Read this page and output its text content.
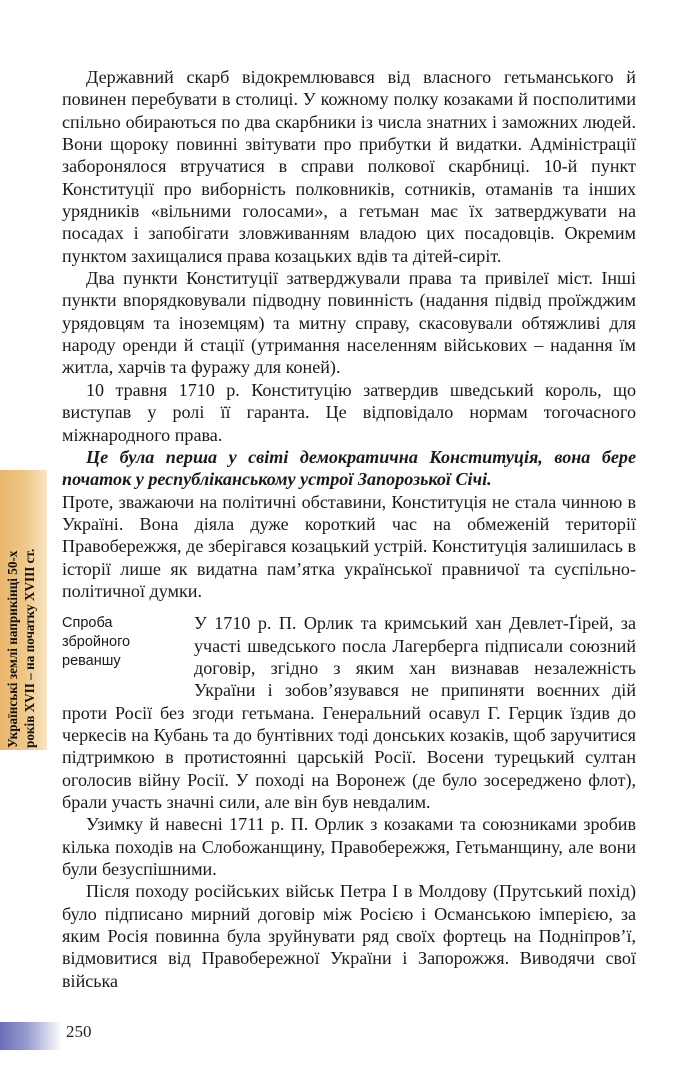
Українські землі наприкінці 50-х років XVII – на початку XVIII ст.

Державний скарб відокремлювався від власного гетьманського й повинен перебувати в столиці. У кожному полку козаками й посполитими спільно обираються по два скарбники із числа знатних і заможних людей. Вони щороку повинні звітувати про прибутки й видатки. Адміністрації заборонялося втручатися в справи полкової скарбниці. 10-й пункт Конституції про виборність полковників, сотників, отаманів та інших урядників «вільними голосами», а гетьман має їх затверджувати на посадах і запобігати зловживанням владою цих посадовців. Окремим пунктом захищалися права козацьких вдів та дітей-сиріт.

Два пункти Конституції затверджували права та привілеї міст. Інші пункти впорядковували підводну повинність (надання підвід проїжджим урядовцям та іноземцям) та митну справу, скасовували обтяжливі для народу оренди й стації (утримання населенням військових – надання їм житла, харчів та фуражу для коней).

10 травня 1710 р. Конституцію затвердив шведський король, що виступав у ролі її гаранта. Це відповідало нормам тогочасного міжнародного права.

Це була перша у світі демократична Конституція, вона бере початок у республіканському устрої Запорозької Січі.

Проте, зважаючи на політичні обставини, Конституція не стала чинною в Україні. Вона діяла дуже короткий час на обмеженій території Правобережжя, де зберігався козацький устрій. Конституція залишилась в історії лише як видатна пам’ятка української правничої та суспільно-політичної думки.

Спроба
збройного
реваншу

У 1710 р. П. Орлик та кримський хан Девлет-Ґірей, за участі шведського посла Лагерберга підписали союзний договір, згідно з яким хан визнавав незалежність України і зобов’язувався не припиняти воєнних дій проти Росії без згоди гетьмана. Генеральний осавул Г. Герцик їздив до черкесів на Кубань та до бунтівних тоді донських козаків, щоб заручитися підтримкою в протистоянні царській Росії. Восени турецький султан оголосив війну Росії. У поході на Воронеж (де було зосереджено флот), брали участь значні сили, але він був невдалим.

Узимку й навесні 1711 р. П. Орлик з козаками та союзниками зробив кілька походів на Слобожанщину, Правобережжя, Гетьманщину, але вони були безуспішними.

Після походу російських військ Петра I в Молдову (Прутський похід) було підписано мирний договір між Росією і Османською імперією, за яким Росія повинна була зруйнувати ряд своїх фортець на Подніпров’ї, відмовитися від Правобережної України і Запорожжя. Виводячи свої війська

250
